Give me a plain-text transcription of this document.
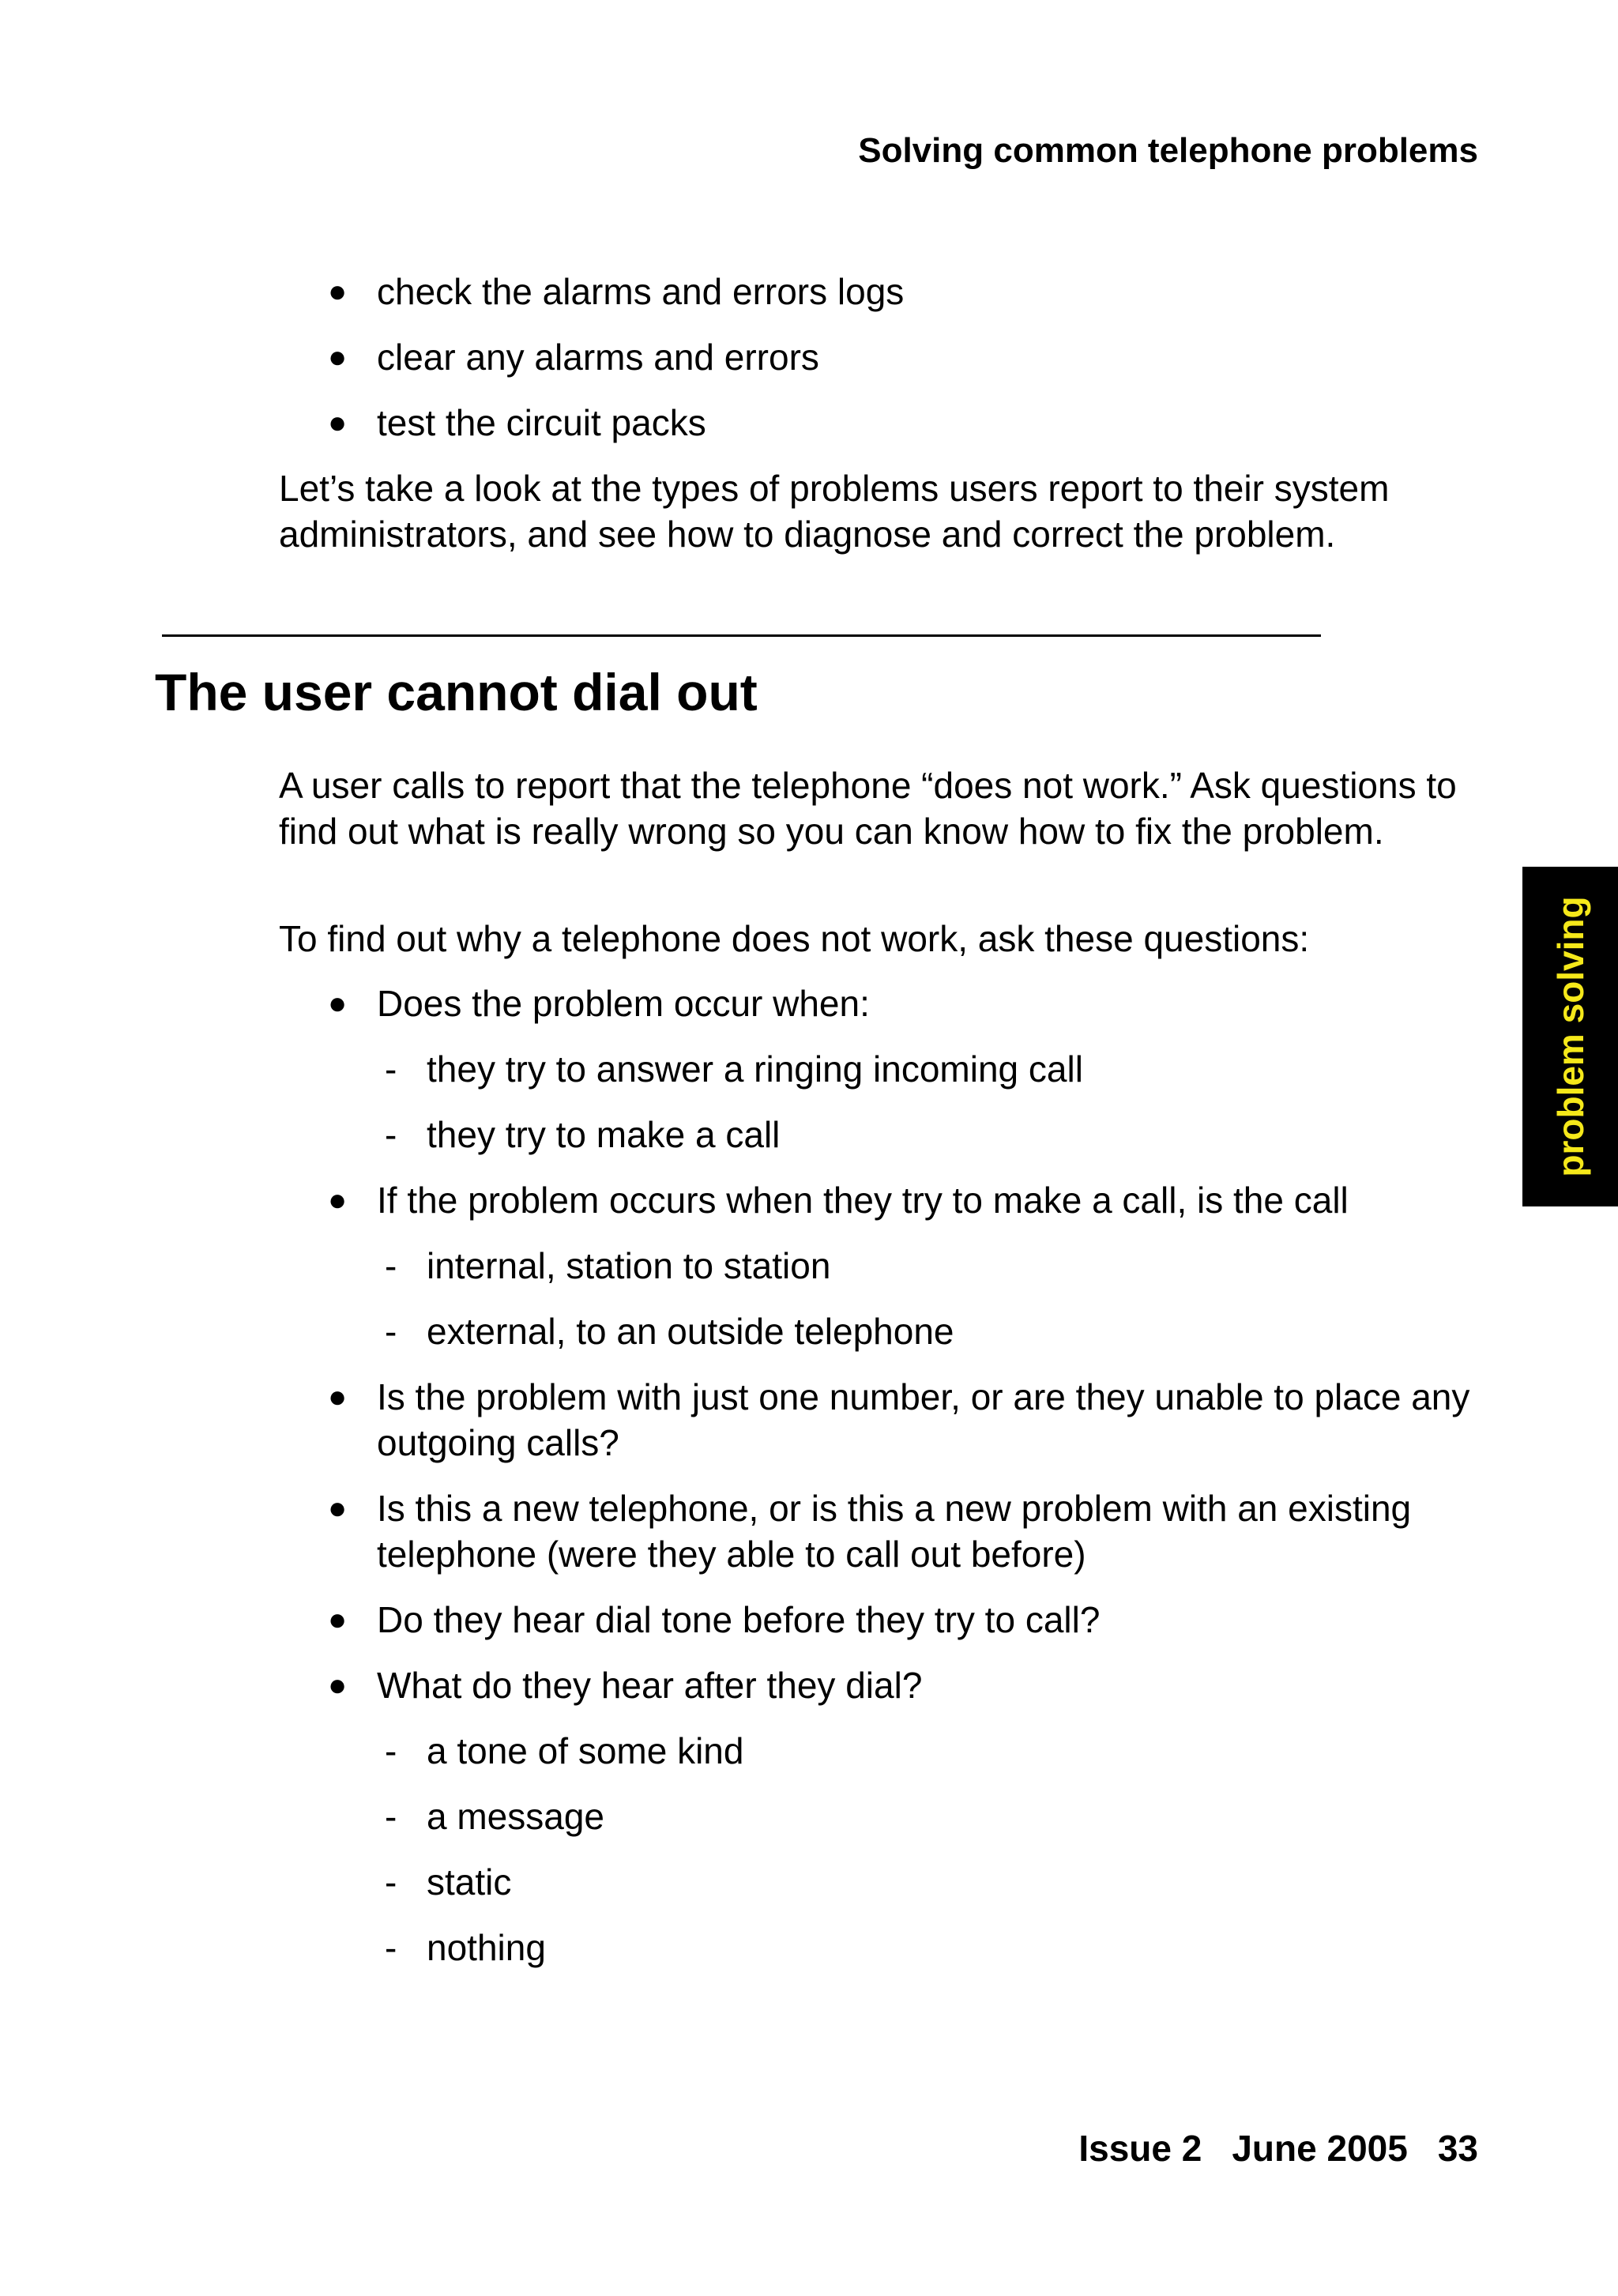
Solving common telephone problems
● check the alarms and errors logs
● clear any alarms and errors
● test the circuit packs

Let’s take a look at the types of problems users report to their system administrators, and see how to diagnose and correct the problem.

The user cannot dial out

A user calls to report that the telephone “does not work.” Ask questions to find out what is really wrong so you can know how to fix the problem.

To find out why a telephone does not work, ask these questions:

● Does the problem occur when:
- they try to answer a ringing incoming call
- they try to make a call
● If the problem occurs when they try to make a call, is the call
- internal, station to station
- external, to an outside telephone
● Is the problem with just one number, or are they unable to place any outgoing calls?
● Is this a new telephone, or is this a new problem with an existing telephone (were they able to call out before)
● Do they hear dial tone before they try to call?
● What do they hear after they dial?
- a tone of some kind
- a message
- static
- nothing
problem solving
Issue 2 June 2005 33
